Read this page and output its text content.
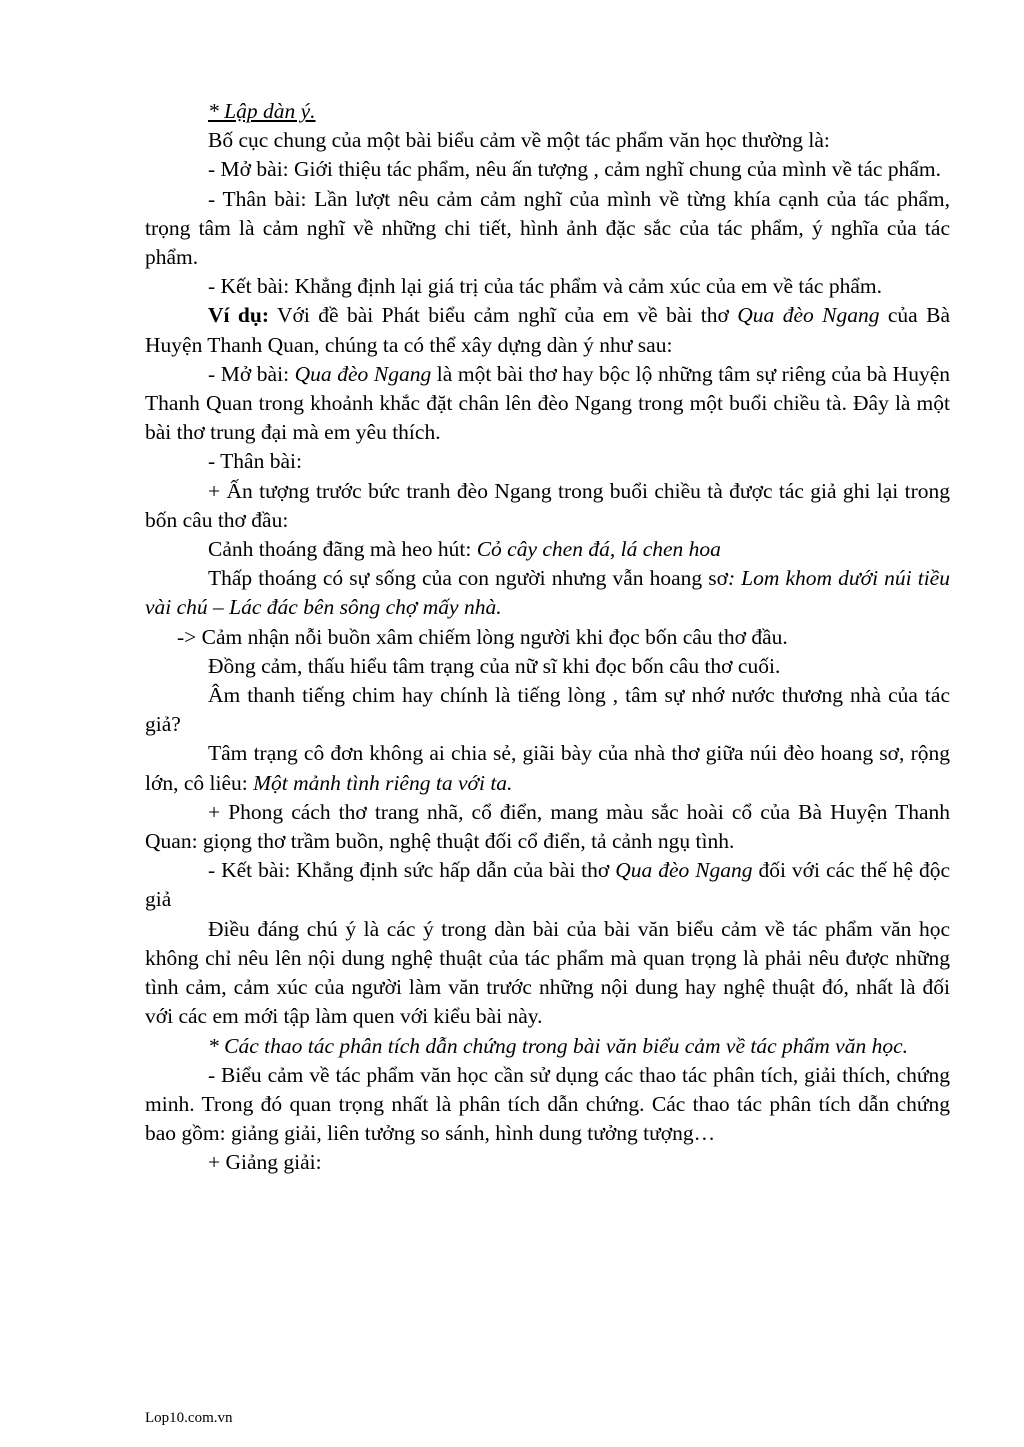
* Lập dàn ý.

Bố cục chung của một bài biểu cảm về một tác phẩm văn học thường là:

- Mở bài: Giới thiệu tác phẩm, nêu ấn tượng , cảm nghĩ chung của mình về tác phẩm.

- Thân bài: Lần lượt nêu cảm cảm nghĩ của mình về từng khía cạnh của tác phẩm, trọng tâm là cảm nghĩ về những chi tiết, hình ảnh đặc sắc của tác phẩm, ý nghĩa của tác phẩm.

- Kết bài: Khẳng định lại giá trị của tác phẩm và cảm xúc của em về tác phẩm.

Ví dụ: Với đề bài Phát biểu cảm nghĩ của em về bài thơ Qua đèo Ngang của Bà Huyện Thanh Quan, chúng ta có thể xây dựng dàn ý như sau:

- Mở bài: Qua đèo Ngang là một bài thơ hay bộc lộ những tâm sự riêng của bà Huyện Thanh Quan trong khoảnh khắc đặt chân lên đèo Ngang trong một buổi chiều tà. Đây là một bài thơ trung đại mà em yêu thích.

- Thân bài:

+ Ấn tượng trước bức tranh đèo Ngang trong buổi chiều tà được tác giả ghi lại trong bốn câu thơ đầu:

Cảnh thoáng đãng mà heo hút: Cỏ cây chen đá, lá chen hoa

Thấp thoáng có sự sống của con người nhưng vẫn hoang sơ: Lom khom dưới núi tiều vài chú – Lác đác bên sông chợ mấy nhà.

-> Cảm nhận nỗi buồn xâm chiếm lòng người khi đọc bốn câu thơ đầu.

Đồng cảm, thấu hiểu tâm trạng của nữ sĩ khi đọc bốn câu thơ cuối.

Âm thanh tiếng chim hay chính là tiếng lòng , tâm sự nhớ nước thương nhà của tác giả?

Tâm trạng cô đơn không ai chia sẻ, giãi bày của nhà thơ giữa núi đèo hoang sơ, rộng lớn, cô liêu: Một mảnh tình riêng ta với ta.

+ Phong cách thơ trang nhã, cổ điển, mang màu sắc hoài cổ của Bà Huyện Thanh Quan: giọng thơ trầm buồn, nghệ thuật đối cổ điển, tả cảnh ngụ tình.

- Kết bài: Khẳng định sức hấp dẫn của bài thơ Qua đèo Ngang đối với các thế hệ độc giả

Điều đáng chú ý là các ý trong dàn bài của bài văn biểu cảm về tác phẩm văn học không chỉ nêu lên nội dung nghệ thuật của tác phẩm mà quan trọng là phải nêu được những tình cảm, cảm xúc của người làm văn trước những nội dung hay nghệ thuật đó, nhất là đối với các em mới tập làm quen với kiểu bài này.

* Các thao tác phân tích dẫn chứng trong bài văn biểu cảm về tác phẩm văn học.

- Biểu cảm về tác phẩm văn học cần sử dụng các thao tác phân tích, giải thích, chứng minh. Trong đó quan trọng nhất là phân tích dẫn chứng. Các thao tác phân tích dẫn chứng bao gồm: giảng giải, liên tưởng so sánh, hình dung tưởng tượng…

+ Giảng giải:

Lop10.com.vn
